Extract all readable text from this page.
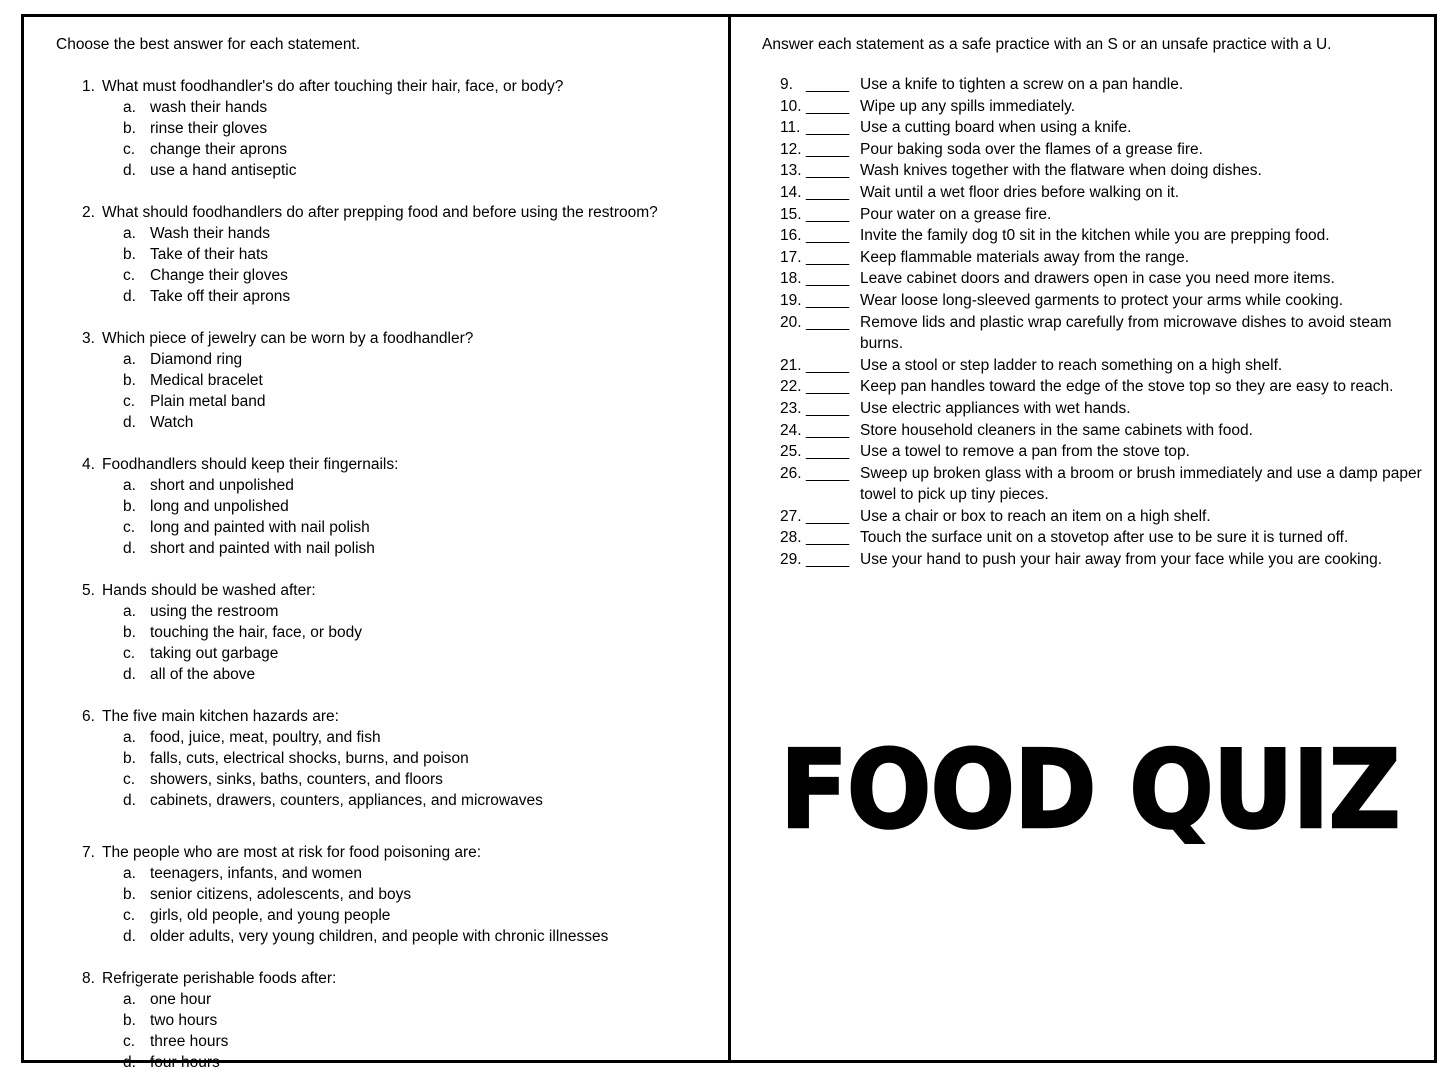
Choose the best answer for each statement.
1. What must foodhandler's do after touching their hair, face, or body?
a. wash their hands
b. rinse their gloves
c. change their aprons
d. use a hand antiseptic
2. What should foodhandlers do after prepping food and before using the restroom?
a. Wash their hands
b. Take of their hats
c. Change their gloves
d. Take off their aprons
3. Which piece of jewelry can be worn by a foodhandler?
a. Diamond ring
b. Medical bracelet
c. Plain metal band
d. Watch
4. Foodhandlers should keep their fingernails:
a. short and unpolished
b. long and unpolished
c. long and painted with nail polish
d. short and painted with nail polish
5. Hands should be washed after:
a. using the restroom
b. touching the hair, face, or body
c. taking out garbage
d. all of the above
6. The five main kitchen hazards are:
a. food, juice, meat, poultry, and fish
b. falls, cuts, electrical shocks, burns, and poison
c. showers, sinks, baths, counters, and floors
d. cabinets, drawers, counters, appliances, and microwaves
7. The people who are most at risk for food poisoning are:
a. teenagers, infants, and women
b. senior citizens, adolescents, and boys
c. girls, old people, and young people
d. older adults, very young children, and people with chronic illnesses
8. Refrigerate perishable foods after:
a. one hour
b. two hours
c. three hours
d. four hours
Answer each statement as a safe practice with an S or an unsafe practice with a U.
9. _____ Use a knife to tighten a screw on a pan handle.
10. _____ Wipe up any spills immediately.
11. _____ Use a cutting board when using a knife.
12. _____ Pour baking soda over the flames of a grease fire.
13. _____ Wash knives together with the flatware when doing dishes.
14. _____ Wait until a wet floor dries before walking on it.
15. _____ Pour water on a grease fire.
16. _____ Invite the family dog t0 sit in the kitchen while you are prepping food.
17. _____ Keep flammable materials away from the range.
18. _____ Leave cabinet doors and drawers open in case you need more items.
19. _____ Wear loose long-sleeved garments to protect your arms while cooking.
20. _____ Remove lids and plastic wrap carefully from microwave dishes to avoid steam burns.
21. _____ Use a stool or step ladder to reach something on a high shelf.
22. _____ Keep pan handles toward the edge of the stove top so they are easy to reach.
23. _____ Use electric appliances with wet hands.
24. _____ Store household cleaners in the same cabinets with food.
25. _____ Use a towel to remove a pan from the stove top.
26. _____ Sweep up broken glass with a broom or brush immediately and use a damp paper towel to pick up tiny pieces.
27. _____ Use a chair or box to reach an item on a high shelf.
28. _____ Touch the surface unit on a stovetop after use to be sure it is turned off.
29. _____ Use your hand to push your hair away from your face while you are cooking.
FOOD QUIZ
